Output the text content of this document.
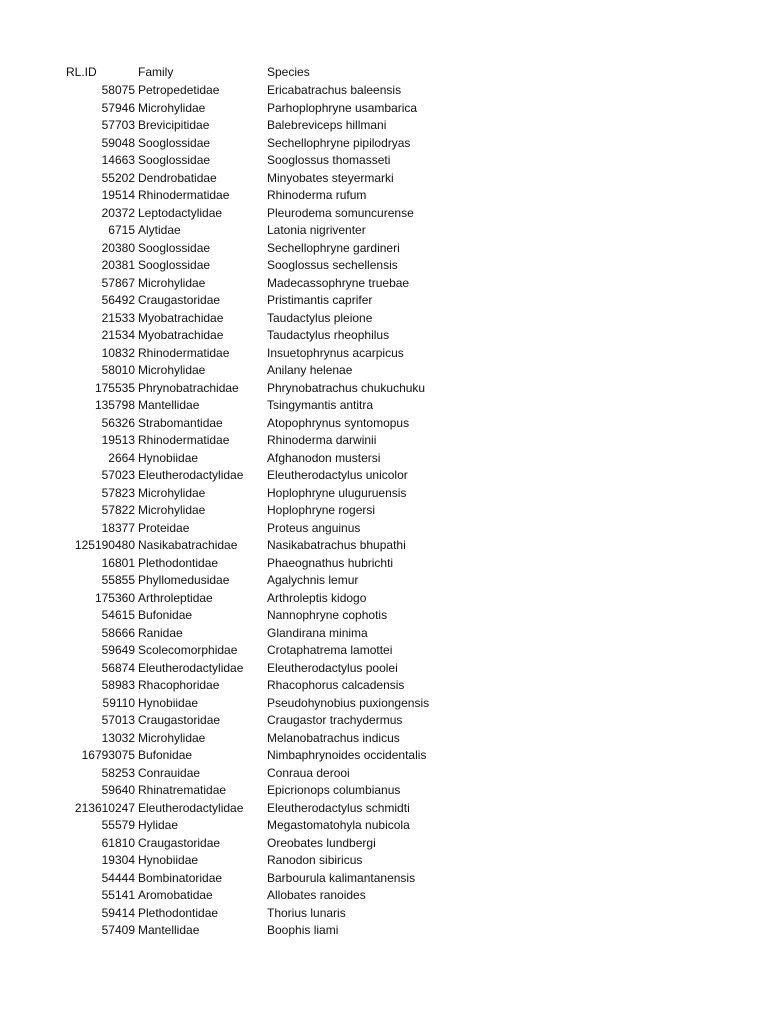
RL.ID	Family	Species
58075 Petropedetidae	Ericabatrachus baleensis
57946 Microhylidae	Parhoplophryne usambarica
57703 Brevicipitidae	Balebreviceps hillmani
59048 Sooglossidae	Sechellophryne pipilodryas
14663 Sooglossidae	Sooglossus thomasseti
55202 Dendrobatidae	Minyobates steyermarki
19514 Rhinodermatidae	Rhinoderma rufum
20372 Leptodactylidae	Pleurodema somuncurense
6715 Alytidae	Latonia nigriventer
20380 Sooglossidae	Sechellophryne gardineri
20381 Sooglossidae	Sooglossus sechellensis
57867 Microhylidae	Madecassophryne truebae
56492 Craugastoridae	Pristimantis caprifer
21533 Myobatrachidae	Taudactylus pleione
21534 Myobatrachidae	Taudactylus rheophilus
10832 Rhinodermatidae	Insuetophrynus acarpicus
58010 Microhylidae	Anilany helenae
175535 Phrynobatrachidae	Phrynobatrachus chukuchuku
135798 Mantellidae	Tsingymantis antitra
56326 Strabomantidae	Atopophrynus syntomopus
19513 Rhinodermatidae	Rhinoderma darwinii
2664 Hynobiidae	Afghanodon mustersi
57023 Eleutherodactylidae	Eleutherodactylus unicolor
57823 Microhylidae	Hoplophryne uluguruensis
57822 Microhylidae	Hoplophryne rogersi
18377 Proteidae	Proteus anguinus
125190480 Nasikabatrachidae	Nasikabatrachus bhupathi
16801 Plethodontidae	Phaeognathus hubrichti
55855 Phyllomedusidae	Agalychnis lemur
175360 Arthroleptidae	Arthroleptis kidogo
54615 Bufonidae	Nannophryne cophotis
58666 Ranidae	Glandirana minima
59649 Scolecomorphidae	Crotaphatrema lamottei
56874 Eleutherodactylidae	Eleutherodactylus poolei
58983 Rhacophoridae	Rhacophorus calcadensis
59110 Hynobiidae	Pseudohynobius puxiongensis
57013 Craugastoridae	Craugastor trachydermus
13032 Microhylidae	Melanobatrachus indicus
16793075 Bufonidae	Nimbaphrynoides occidentalis
58253 Conrauidae	Conraua derooi
59640 Rhinatrematidae	Epicrionops columbianus
213610247 Eleutherodactylidae	Eleutherodactylus schmidti
55579 Hylidae	Megastomatohyla nubicola
61810 Craugastoridae	Oreobates lundbergi
19304 Hynobiidae	Ranodon sibiricus
54444 Bombinatoridae	Barbourula kalimantanensis
55141 Aromobatidae	Allobates ranoides
59414 Plethodontidae	Thorius lunaris
57409 Mantellidae	Boophis liami
